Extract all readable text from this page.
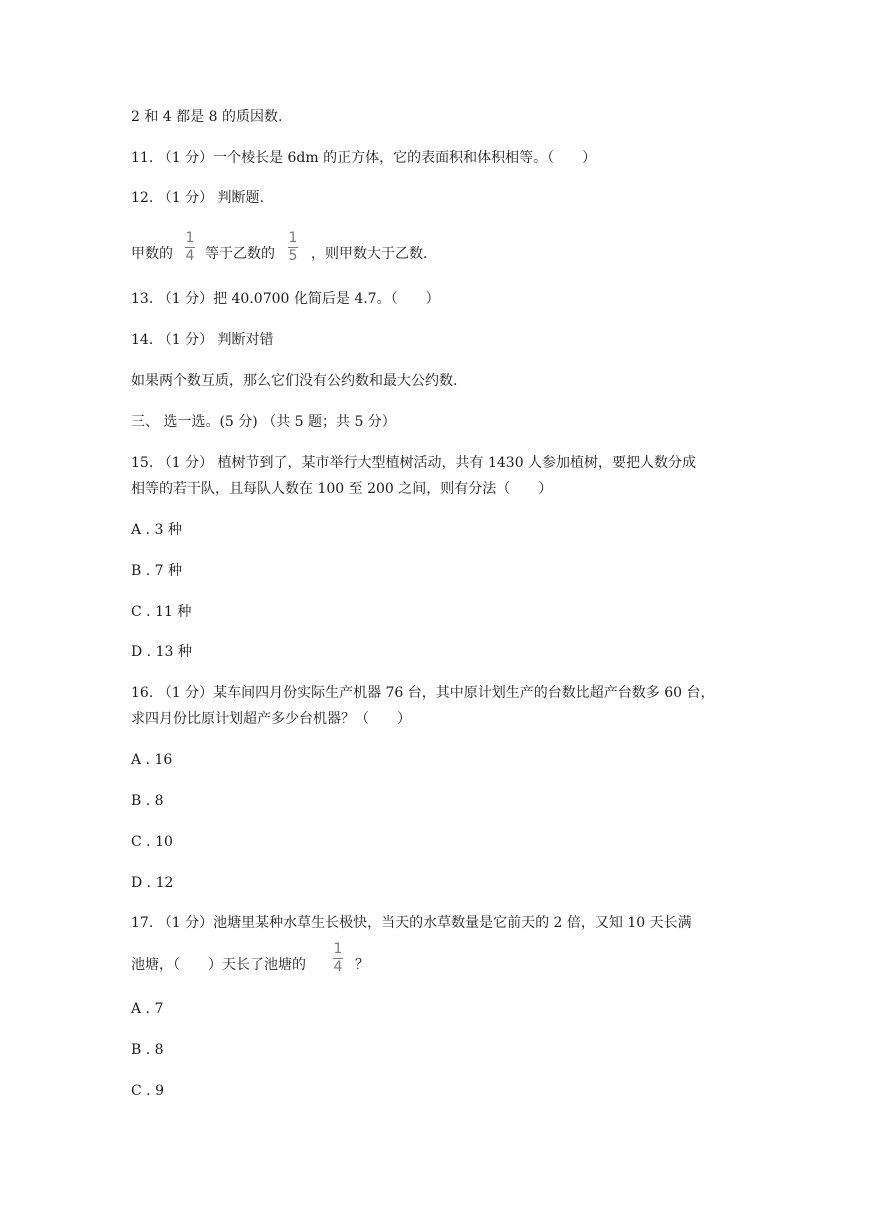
2 和 4 都是 8 的质因数.
11. （1 分）一个棱长是 6dm 的正方体，它的表面积和体积相等。（　　）
12. （1 分） 判断题.
甲数的
1
4 等于乙数的
1
5 ，则甲数大于乙数.
13. （1 分）把 40.0700 化简后是 4.7。（　　）
14. （1 分） 判断对错
如果两个数互质，那么它们没有公约数和最大公约数.
三、 选一选。(5 分) （共 5 题；共 5 分）
15. （1 分） 植树节到了，某市举行大型植树活动，共有 1430 人参加植树，要把人数分成
相等的若干队，且每队人数在 100 至 200 之间，则有分法（　　）
A . 3 种
B . 7 种
C . 11 种
D . 13 种
16. （1 分）某车间四月份实际生产机器 76 台，其中原计划生产的台数比超产台数多 60 台，
求四月份比原计划超产多少台机器？（　　）
A . 16
B . 8
C . 10
D . 12
17. （1 分）池塘里某种水草生长极快，当天的水草数量是它前天的 2 倍，又知 10 天长满
池塘，（　　）天长了池塘的
1
4 ？
A . 7
B . 8
C . 9
